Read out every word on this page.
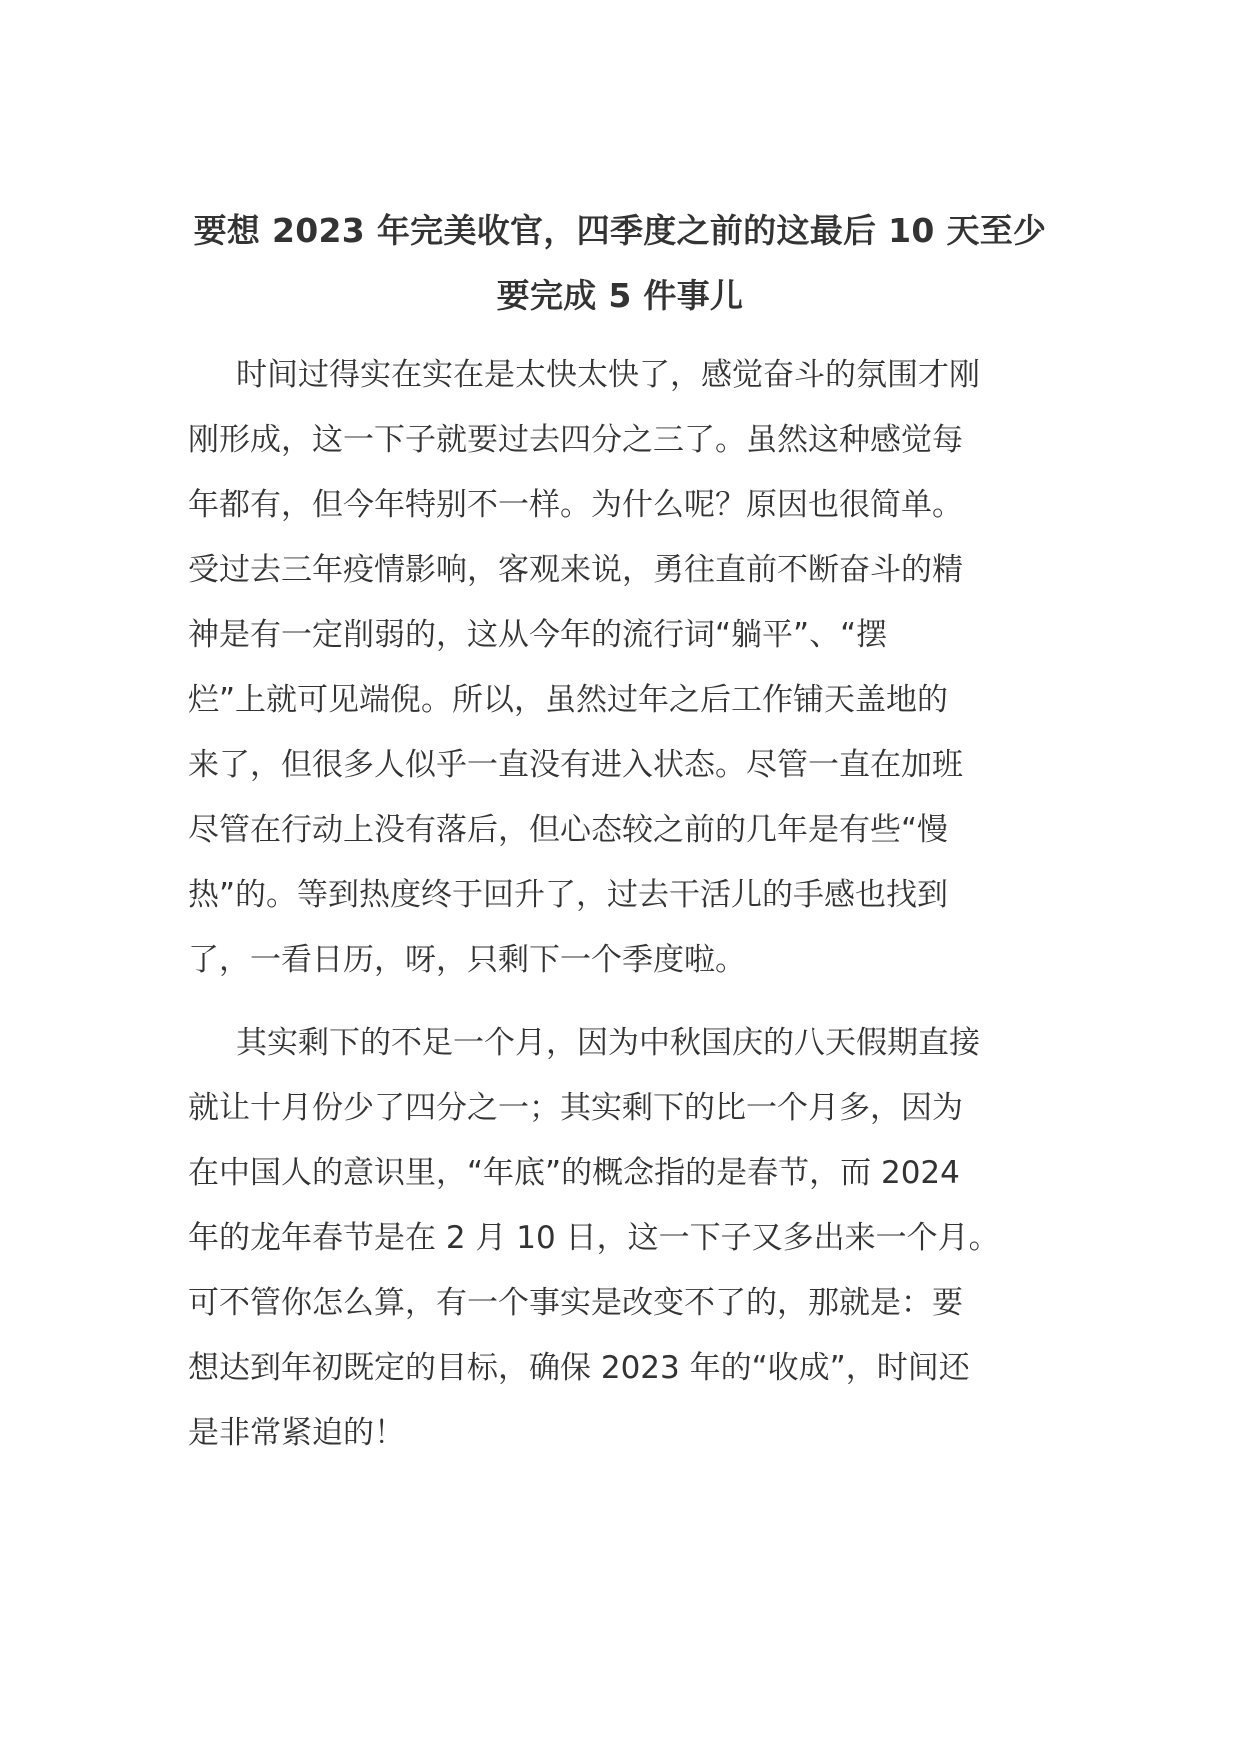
要想 2023 年完美收官，四季度之前的这最后 10 天至少
要完成 5 件事儿
时间过得实在实在是太快太快了，感觉奋斗的氛围才刚
刚形成，这一下子就要过去四分之三了。虽然这种感觉每
年都有，但今年特别不一样。为什么呢？原因也很简单。
受过去三年疫情影响，客观来说，勇往直前不断奋斗的精
神是有一定削弱的，这从今年的流行词“躺平”、“摆
烂”上就可见端倪。所以，虽然过年之后工作铺天盖地的
来了，但很多人似乎一直没有进入状态。尽管一直在加班
尽管在行动上没有落后，但心态较之前的几年是有些“慢
热”的。等到热度终于回升了，过去干活儿的手感也找到
了，一看日历，呀，只剩下一个季度啦。
其实剩下的不足一个月，因为中秋国庆的八天假期直接
就让十月份少了四分之一；其实剩下的比一个月多，因为
在中国人的意识里，“年底”的概念指的是春节，而 2024
年的龙年春节是在 2 月 10 日，这一下子又多出来一个月。
可不管你怎么算，有一个事实是改变不了的，那就是：要
想达到年初既定的目标，确保 2023 年的“收成”，时间还
是非常紧迫的！
